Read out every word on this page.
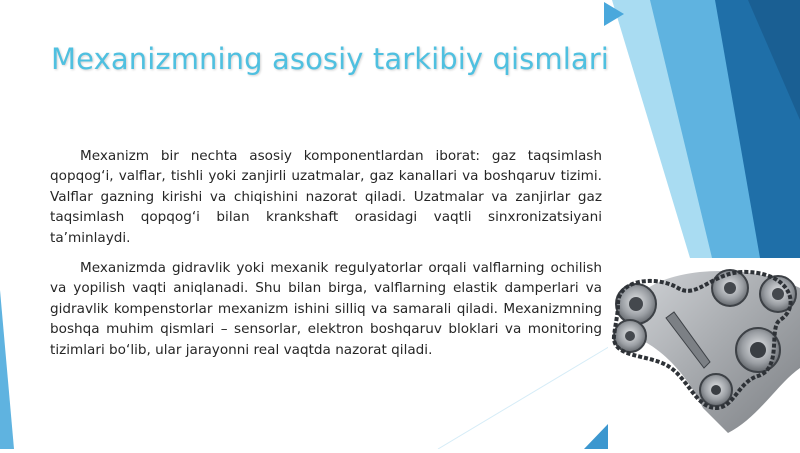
Mexanizmning asosiy tarkibiy qismlari

Mexanizm bir nechta asosiy komponentlardan iborat: gaz taqsimlash qopqog‘i, valflar, tishli yoki zanjirli uzatmalar, gaz kanallari va boshqaruv tizimi. Valflar gazning kirishi va chiqishini nazorat qiladi. Uzatmalar va zanjirlar gaz taqsimlash qopqog‘i bilan krankshaft orasidagi vaqtli sinxronizatsiyani ta’minlaydi.

Mexanizmda gidravlik yoki mexanik regulyatorlar orqali valflarning ochilish va yopilish vaqti aniqlanadi. Shu bilan birga, valflarning elastik damperlari va gidravlik kompenstorlar mexanizm ishini silliq va samarali qiladi. Mexanizmning boshqa muhim qismlari – sensorlar, elektron boshqaruv bloklari va monitoring tizimlari bo‘lib, ular jarayonni real vaqtda nazorat qiladi.
